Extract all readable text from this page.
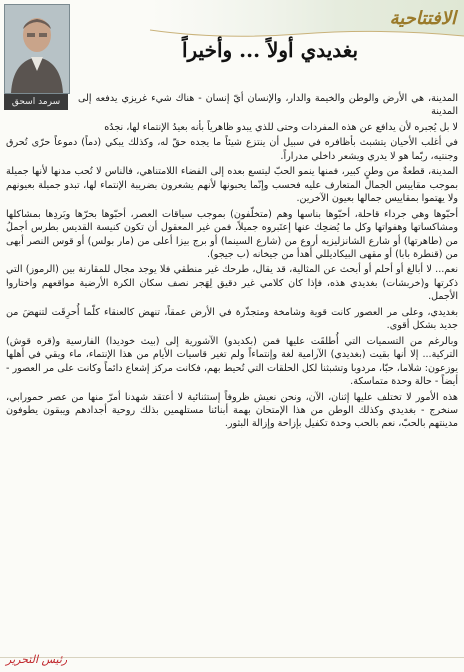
الافتتاحية
بغديدي أولاً ... وأخيراً
سرمد اسحق	المدينة، هي الأرض والوطن والخيمة والدار، والإنسان أيّ إنسان - هناك شيء غريزي يدفعه إلى المدينة

لا بل يُجبره لأن يدافع عن هذه المفردات وحتى للذي يبدو ظاهرياً بأنه بعيدُ الإنتماء لها، نجدُه

في أغلب الأحيان يتشبث بأظافره في سبيل أن ينتزع شيئاً ما يجده حقّ له، وكذلك يبكي (دماً) دموعاً حرّى تُحرق وجنتيه، ربّما هو لا يدري ويشعر داخلي مدراراً.

المدينة، قطعةٌ من وطنٍ كبير، فمنها ينمو الحبّ ليتسع بعده إلى الفضاء اللامتناهي، فالناس لا تُحب مدنها لأنها جميلة بموجب مقاييس الجمال المتعارف عليه فحسب وإنّما يحبونها لأنهم يشعرون بضريبة الإنتماء لها، تبدو جميلة بعيونهم ولا يهتموا بمقاييس جمالها بعيون الآخرين.

أحبّوها وهي جرداء قاحلة، أحبّوها بناسها وهم (متخلّفون) بموجب سياقات العصر، أحبّوها بحرّها وبَردِها بمشاكلها ومشاكساتها وهفواتها وكل ما يُضحِك عنها إعتَبروه جميلاً، فمن غير المعقول أن تكون كنيسة القديس بطرس أجملُ من (طاهرتها) أو شارع الشانزليزيه أروع من (شارع السينما) أو برج بيزا أعلى من (مار بولس) أو قوس النصر أبهى من (قنطرة بابا) أو مقهى البيكاديللي أهدأ من جيخانه (ب جيجو).

نعم... لا أبالغ أو أحلم أو أبحث عن المثالية، قد يقال، طرحك غير منطقي فلا يوجد مجال للمقارنة بين (الرموز) التي ذكرتها و(خربشات) بغديدي هذه، فإذا كان كلامي غير دقيق لِهَجر نصف سكان الكرة الأرضية مواقعهم واختاروا الأجمل.

بغديدي، وعلى مر العصور كانت قوية وشامخة ومتجذّرة في الأرض عمقاً، تنهض كالعنقاء كلّما أُحرِقَت لتنهضَ من جديد بشكل أقوى.

وبالرغم من التسميات التي أُطلقَت عليها فمن (بكديدو) الآشورية إلى (بيث خوديدا) الفارسية و(قره قوش) التركية... إلا أنها بقيت (بغديدي) الآرامية لغة وإنتماءاً ولم تغير قاسيات الأيام من هذا الإنتماء، ماء ويقي في أهلها يوزعون: شلاما، حبّا، مردوبا وتشبثنا لكل الحلقات التي تُحيط بهم، فكانت مركز إشعاع دائماً وكانت على مر العصور - أيضاً - حالة وحدة متماسكة.

هذه الأمور لا تختلف عليها إثنان، الآن، ونحن نعيش ظروفاً إستثنائية لا أعتقد شهدنا أمرّ منها من عصر حمورابي، سنخرج - بغديدي وكذلك الوطن من هذا الإمتحان بهمة أبنائنا مستلهمين بذلك روحية أجدادهم ويبقون يطوفون مدينتهم بالحبّ، نعم بالحب وحدة تكفيل بإزاحة وإزالة البثور.

رئيس التحرير
